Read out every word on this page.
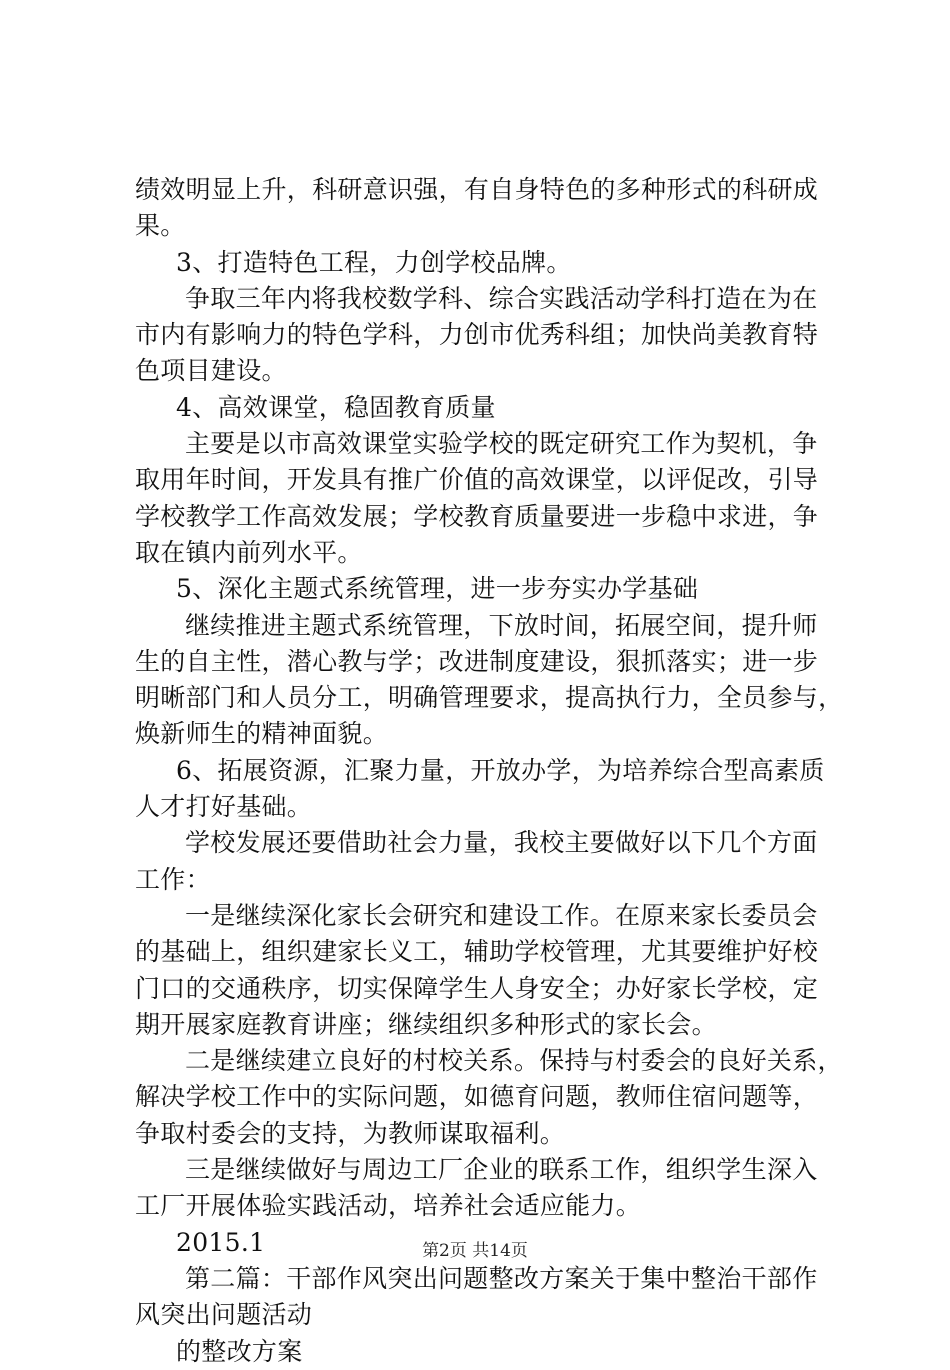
绩效明显上升，科研意识强，有自身特色的多种形式的科研成
果。
3、打造特色工程，力创学校品牌。
争取三年内将我校数学科、综合实践活动学科打造在为在
市内有影响力的特色学科，力创市优秀科组；加快尚美教育特
色项目建设。
4、高效课堂，稳固教育质量
主要是以市高效课堂实验学校的既定研究工作为契机，争
取用年时间，开发具有推广价值的高效课堂，以评促改，引导
学校教学工作高效发展；学校教育质量要进一步稳中求进，争
取在镇内前列水平。
5、深化主题式系统管理，进一步夯实办学基础
继续推进主题式系统管理，下放时间，拓展空间，提升师
生的自主性，潜心教与学；改进制度建设，狠抓落实；进一步
明晰部门和人员分工，明确管理要求，提高执行力，全员参与，
焕新师生的精神面貌。
6、拓展资源，汇聚力量，开放办学，为培养综合型高素质
人才打好基础。
学校发展还要借助社会力量，我校主要做好以下几个方面
工作：
一是继续深化家长会研究和建设工作。在原来家长委员会
的基础上，组织建家长义工，辅助学校管理，尤其要维护好校
门口的交通秩序，切实保障学生人身安全；办好家长学校，定
期开展家庭教育讲座；继续组织多种形式的家长会。
二是继续建立良好的村校关系。保持与村委会的良好关系，
解决学校工作中的实际问题，如德育问题，教师住宿问题等，
争取村委会的支持，为教师谋取福利。
三是继续做好与周边工厂企业的联系工作，组织学生深入
工厂开展体验实践活动，培养社会适应能力。
2015.1
第二篇：干部作风突出问题整改方案关于集中整治干部作
风突出问题活动
的整改方案
第2页 共14页
